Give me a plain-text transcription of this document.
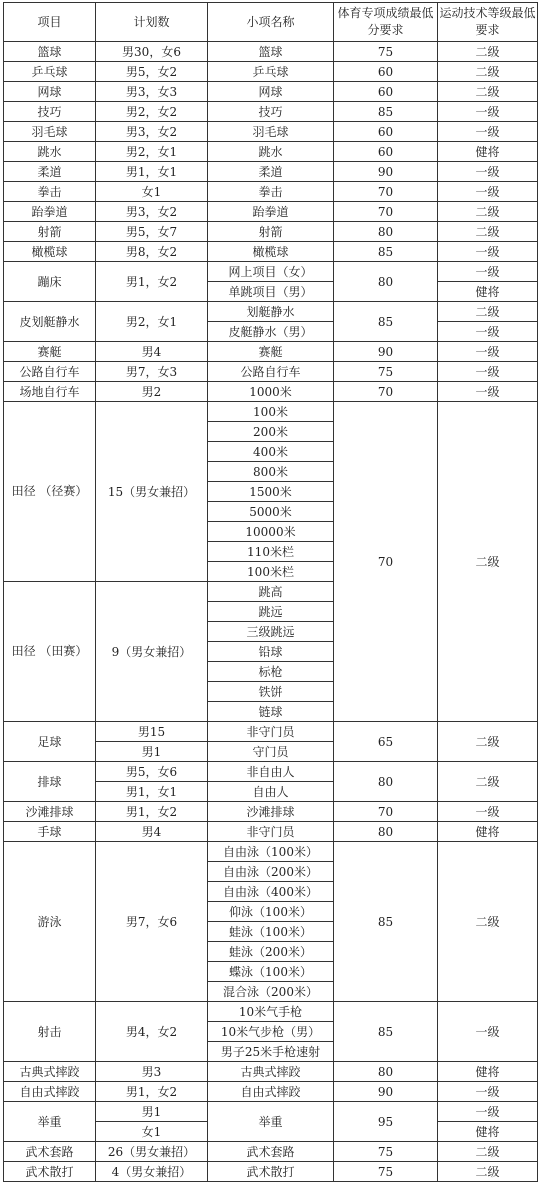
项目	计划数	小项名称	体育专项成绩最低分要求	运动技术等级最低要求
篮球	男30，女6	篮球	75	二级
乒乓球	男5，女2	乒乓球	60	二级
网球	男3，女3	网球	60	二级
技巧	男2，女2	技巧	85	一级
羽毛球	男3，女2	羽毛球	60	一级
跳水	男2，女1	跳水	60	健将
柔道	男1，女1	柔道	90	一级
拳击	女1	拳击	70	一级
跆拳道	男3，女2	跆拳道	70	二级
射箭	男5，女7	射箭	80	二级
橄榄球	男8，女2	橄榄球	85	一级
蹦床	男1，女2	网上项目（女）	80	一级
		单跳项目（男）		健将
皮划艇静水	男2，女1	划艇静水	85	二级
		皮艇静水（男）		一级
赛艇	男4	赛艇	90	一级
公路自行车	男7，女3	公路自行车	75	一级
场地自行车	男2	1000米	70	一级
田径 （径赛）	15（男女兼招）	100米	70	二级
		200米		
		400米		
		800米		
		1500米		
		5000米		
		10000米		
		110米栏		
		100米栏		
田径 （田赛）	9（男女兼招）	跳高		
		跳远		
		三级跳远		
		铅球		
		标枪		
		铁饼		
		链球		
足球	男15	非守门员	65	二级
	男1	守门员		
排球	男5，女6	非自由人	80	二级
	男1，女1	自由人		
沙滩排球	男1，女2	沙滩排球	70	一级
手球	男4	非守门员	80	健将
游泳	男7，女6	自由泳（100米）	85	二级
		自由泳（200米）		
		自由泳（400米）		
		仰泳（100米）		
		蛙泳（100米）		
		蛙泳（200米）		
		蝶泳（100米）		
		混合泳（200米）		
射击	男4，女2	10米气手枪	85	一级
		10米气步枪（男）		
		男子25米手枪速射		
古典式摔跤	男3	古典式摔跤	80	健将
自由式摔跤	男1，女2	自由式摔跤	90	一级
举重	男1	举重	95	一级
	女1			健将
武术套路	26（男女兼招）	武术套路	75	二级
武术散打	4（男女兼招）	武术散打	75	二级
